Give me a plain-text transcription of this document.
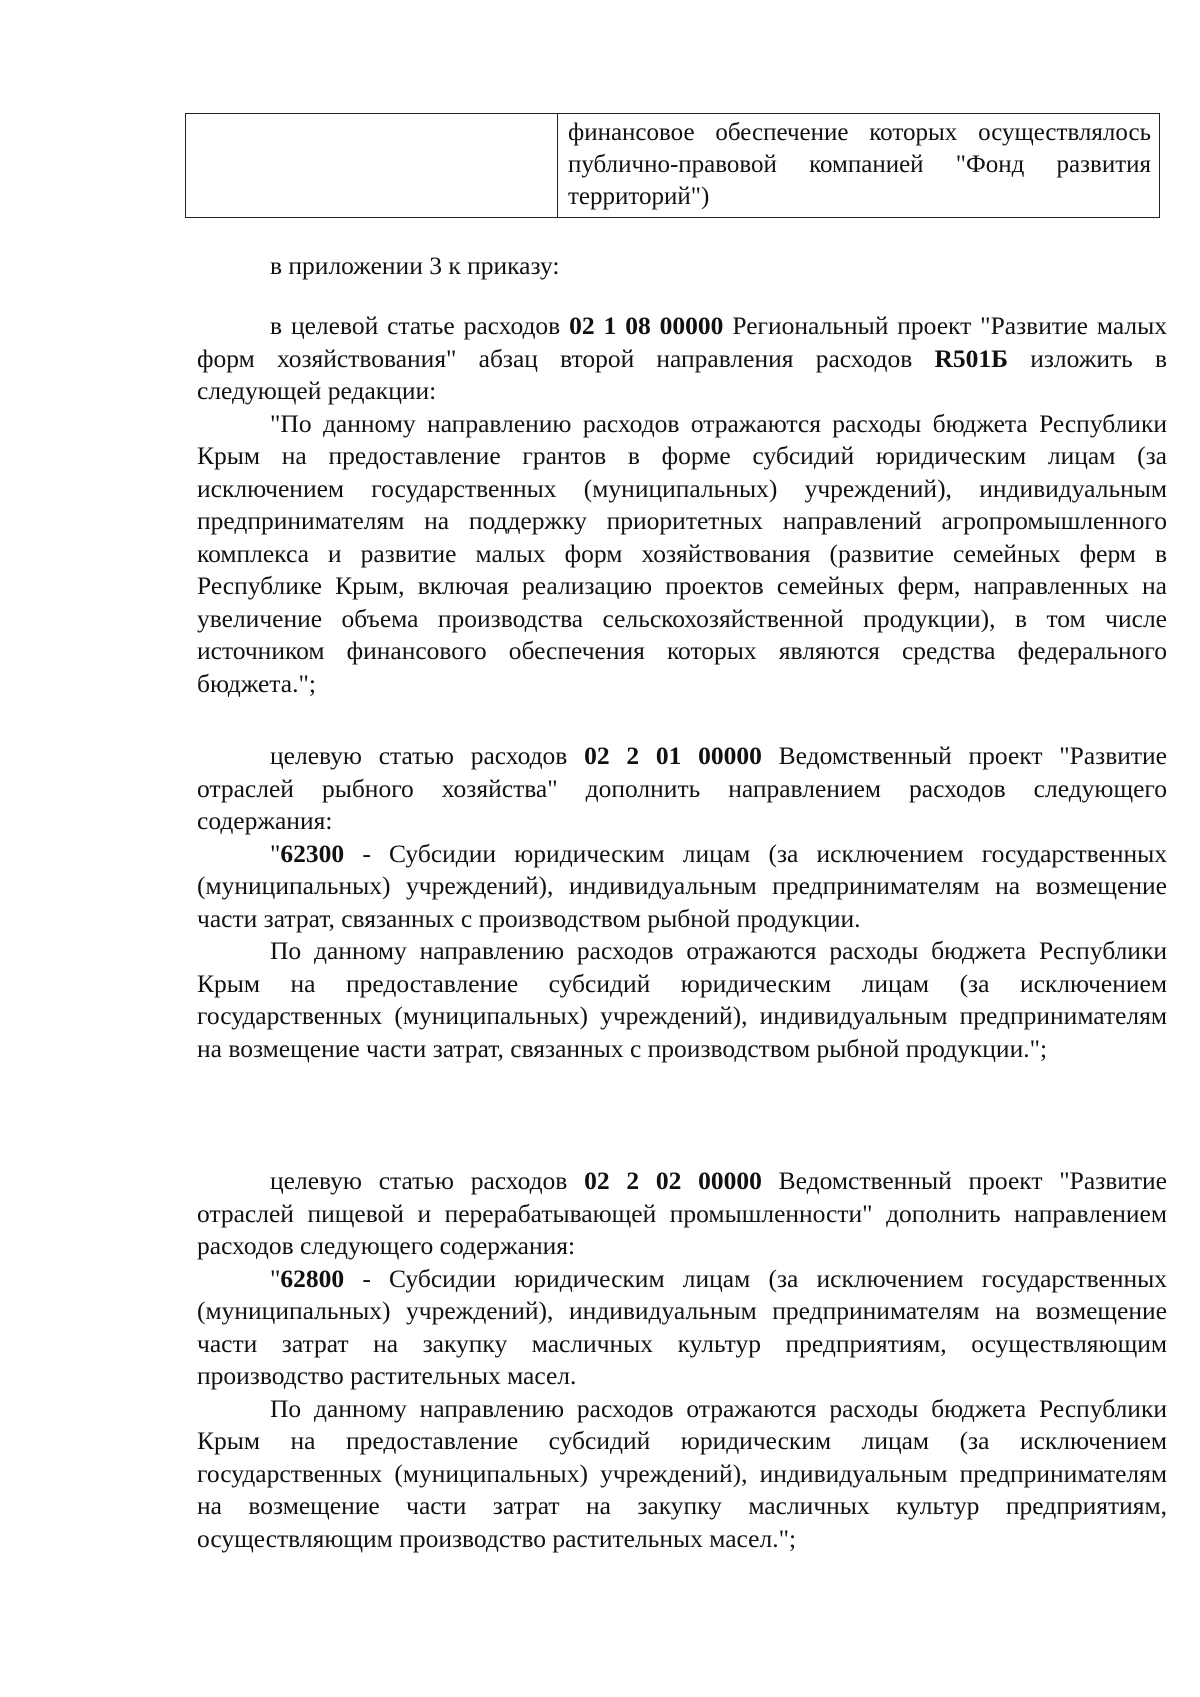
финансовое обеспечение которых осуществлялось публично-правовой компанией "Фонд развития территорий")
в приложении 3 к приказу:
в целевой статье расходов 02 1 08 00000 Региональный проект "Развитие малых форм хозяйствования" абзац второй направления расходов R501Б изложить в следующей редакции:
"По данному направлению расходов отражаются расходы бюджета Республики Крым на предоставление грантов в форме субсидий юридическим лицам (за исключением государственных (муниципальных) учреждений), индивидуальным предпринимателям на поддержку приоритетных направлений агропромышленного комплекса и развитие малых форм хозяйствования (развитие семейных ферм в Республике Крым, включая реализацию проектов семейных ферм, направленных на увеличение объема производства сельскохозяйственной продукции), в том числе источником финансового обеспечения которых являются средства федерального бюджета.";
целевую статью расходов 02 2 01 00000 Ведомственный проект "Развитие отраслей рыбного хозяйства" дополнить направлением расходов следующего содержания:
"62300 - Субсидии юридическим лицам (за исключением государственных (муниципальных) учреждений), индивидуальным предпринимателям на возмещение части затрат, связанных с производством рыбной продукции.
По данному направлению расходов отражаются расходы бюджета Республики Крым на предоставление субсидий юридическим лицам (за исключением государственных (муниципальных) учреждений), индивидуальным предпринимателям на возмещение части затрат, связанных с производством рыбной продукции.";
целевую статью расходов 02 2 02 00000 Ведомственный проект "Развитие отраслей пищевой и перерабатывающей промышленности" дополнить направлением расходов следующего содержания:
"62800 - Субсидии юридическим лицам (за исключением государственных (муниципальных) учреждений), индивидуальным предпринимателям на возмещение части затрат на закупку масличных культур предприятиям, осуществляющим производство растительных масел.
По данному направлению расходов отражаются расходы бюджета Республики Крым на предоставление субсидий юридическим лицам (за исключением государственных (муниципальных) учреждений), индивидуальным предпринимателям на возмещение части затрат на закупку масличных культур предприятиям, осуществляющим производство растительных масел.";
